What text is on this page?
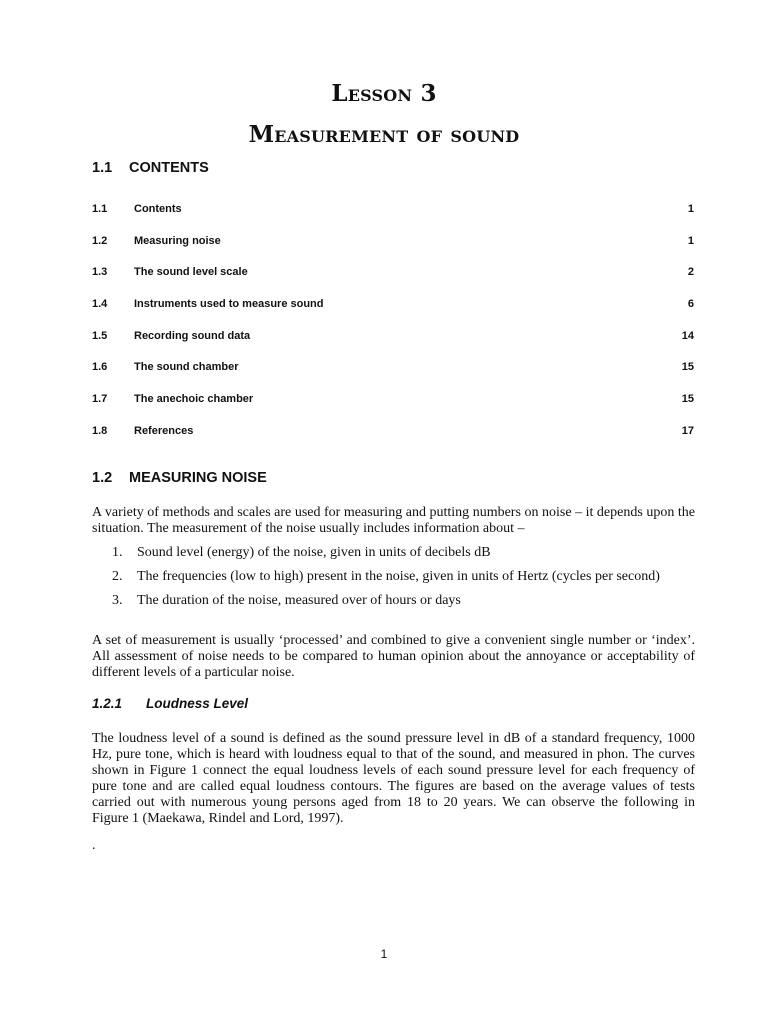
Lesson 3
Measurement of sound
1.1 CONTENTS
1.1 Contents	1
1.2 Measuring noise	1
1.3 The sound level scale	2
1.4 Instruments used to measure sound	6
1.5 Recording sound data	14
1.6 The sound chamber	15
1.7 The anechoic chamber	15
1.8 References	17
1.2 MEASURING NOISE

A variety of methods and scales are used for measuring and putting numbers on noise – it depends upon the situation. The measurement of the noise usually includes information about –

1. Sound level (energy) of the noise, given in units of decibels dB
2. The frequencies (low to high) present in the noise, given in units of Hertz (cycles per second)
3. The duration of the noise, measured over of hours or days

A set of measurement is usually ‘processed’ and combined to give a convenient single number or ‘index’. All assessment of noise needs to be compared to human opinion about the annoyance or acceptability of different levels of a particular noise.

1.2.1 Loudness Level

The loudness level of a sound is defined as the sound pressure level in dB of a standard frequency, 1000 Hz, pure tone, which is heard with loudness equal to that of the sound, and measured in phon. The curves shown in Figure 1 connect the equal loudness levels of each sound pressure level for each frequency of pure tone and are called equal loudness contours. The figures are based on the average values of tests carried out with numerous young persons aged from 18 to 20 years. We can observe the following in Figure 1 (Maekawa, Rindel and Lord, 1997).

.

1
